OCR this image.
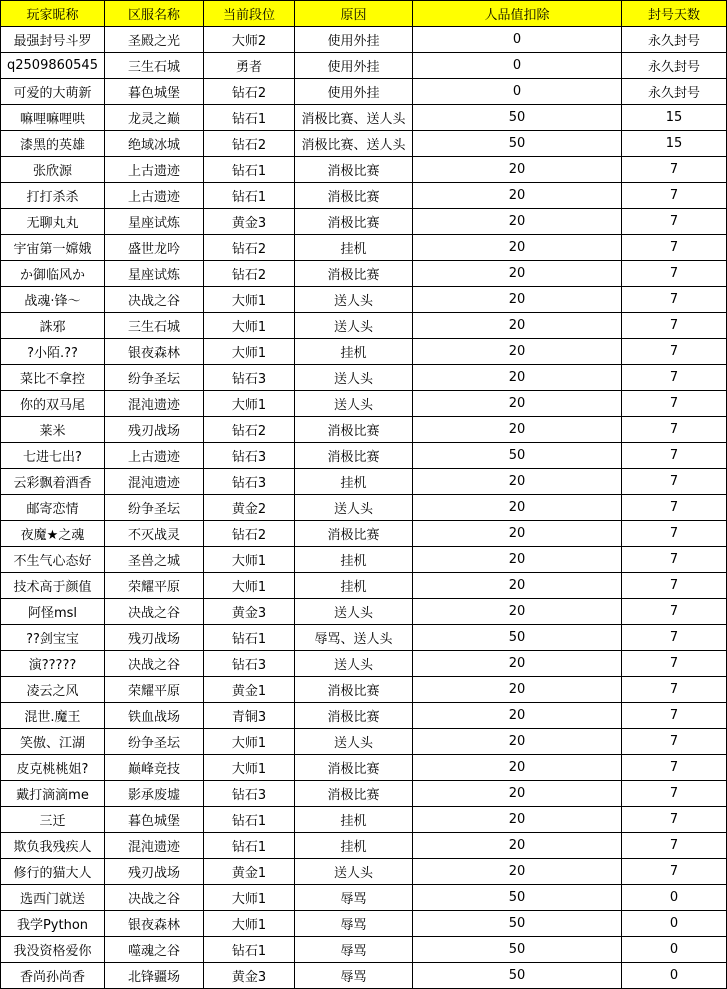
玩家昵称	区服名称	当前段位	原因	人品值扣除	封号天数
最强封号斗罗	圣殿之光	大师2	使用外挂	0	永久封号
q2509860545	三生石城	勇者	使用外挂	0	永久封号
可爱的大萌新	暮色城堡	钻石2	使用外挂	0	永久封号
嘛哩嘛哩哄	龙灵之巅	钻石1	消极比赛、送人头	50	15
漆黑的英雄	绝域冰城	钻石2	消极比赛、送人头	50	15
张欣源	上古遗迹	钻石1	消极比赛	20	7
打打杀杀	上古遗迹	钻石1	消极比赛	20	7
无聊丸丸	星座试炼	黄金3	消极比赛	20	7
宇宙第一嫦娥	盛世龙吟	钻石2	挂机	20	7
か御临风か	星座试炼	钻石2	消极比赛	20	7
战魂·锋～	决战之谷	大师1	送人头	20	7
誅邪	三生石城	大师1	送人头	20	7
?小陌.??	银夜森林	大师1	挂机	20	7
菜比不拿控	纷争圣坛	钻石3	送人头	20	7
你的双马尾	混沌遗迹	大师1	送人头	20	7
莱米	残刃战场	钻石2	消极比赛	20	7
七进七出?	上古遗迹	钻石3	消极比赛	50	7
云彩飘着酒香	混沌遗迹	钻石3	挂机	20	7
邮寄恋情	纷争圣坛	黄金2	送人头	20	7
夜魔★之魂	不灭战灵	钻石2	消极比赛	20	7
不生气心态好	圣兽之城	大师1	挂机	20	7
技术高于颜值	荣耀平原	大师1	挂机	20	7
阿怪msl	决战之谷	黄金3	送人头	20	7
??剑宝宝	残刃战场	钻石1	辱骂、送人头	50	7
演?????	决战之谷	钻石3	送人头	20	7
凌云之风	荣耀平原	黄金1	消极比赛	20	7
混世.魔王	铁血战场	青铜3	消极比赛	20	7
笑傲、江湖	纷争圣坛	大师1	送人头	20	7
皮克桃桃姐?	巅峰竞技	大师1	消极比赛	20	7
戴打滴滴me	影承废墟	钻石3	消极比赛	20	7
三迁	暮色城堡	钻石1	挂机	20	7
欺负我残疾人	混沌遗迹	钻石1	挂机	20	7
修行的猫大人	残刃战场	黄金1	送人头	20	7
选西门就送	决战之谷	大师1	辱骂	50	0
我学Python	银夜森林	大师1	辱骂	50	0
我没资格爱你	噬魂之谷	钻石1	辱骂	50	0
香尚孙尚香	北锋疆场	黄金3	辱骂	50	0
